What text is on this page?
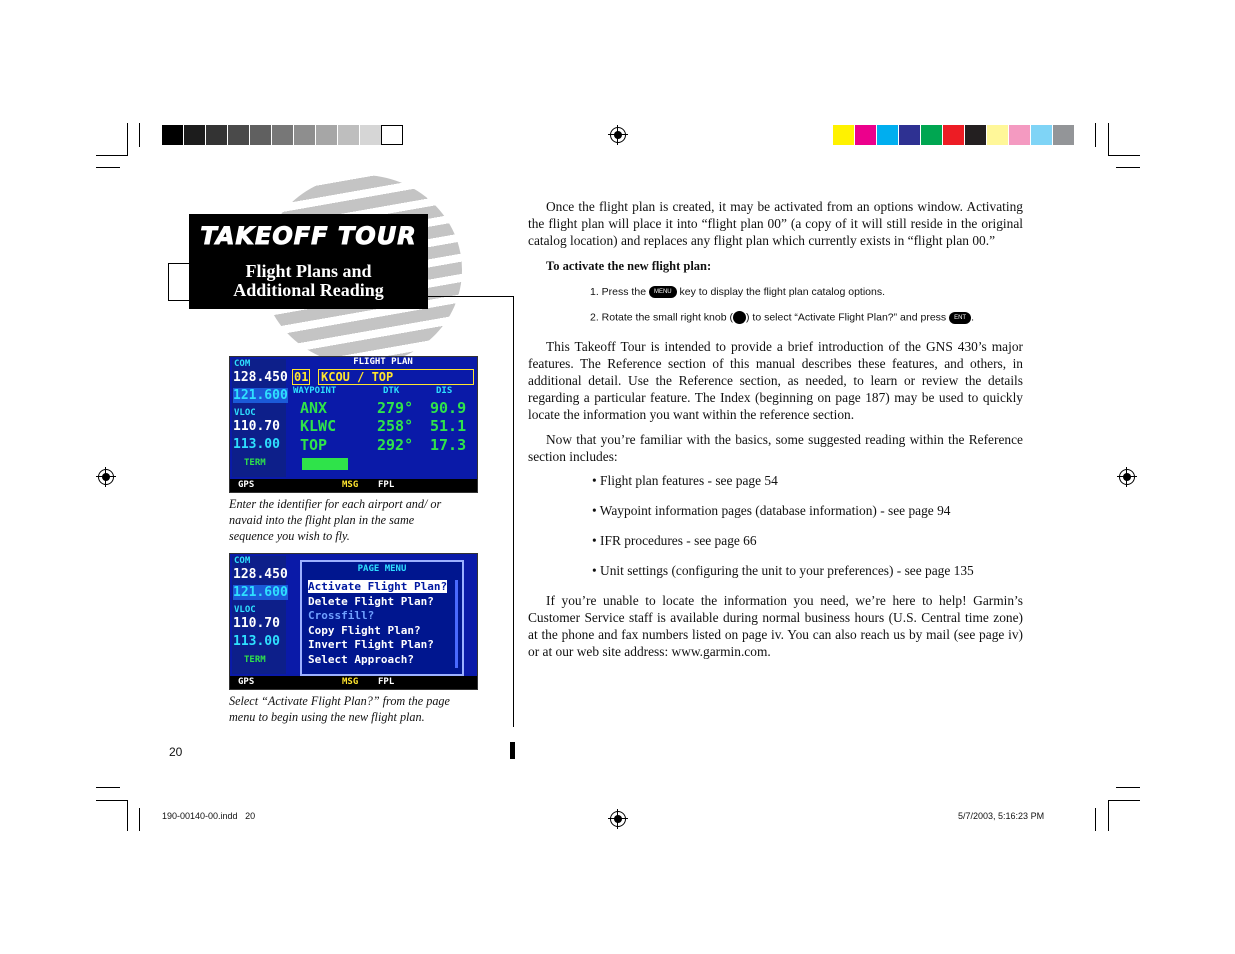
TAKEOFF TOUR
Flight Plans and
Additional Reading
COM
128.450
121.600
VLOC
110.70
113.00
TERM
FLIGHT PLAN
01 KCOU / TOP
WAYPOINT	DTK	DIS
ANX	279° 90.9
KLWC	258° 51.1
TOP	292° 17.3
GPS	MSG FPL
Enter the identifier for each airport and/ or navaid into the flight plan in the same sequence you wish to fly.
COM
128.450
121.600
VLOC
110.70
113.00
TERM
PAGE MENU
Activate Flight Plan?
Delete Flight Plan?
Crossfill?
Copy Flight Plan?
Invert Flight Plan?
Select Approach?
GPS	MSG FPL
Select “Activate Flight Plan?” from the page menu to begin using the new flight plan.
Once the flight plan is created, it may be activated from an options window. Activating the flight plan will place it into “flight plan 00” (a copy of it will still reside in the original catalog location) and replaces any flight plan which currently exists in “flight plan 00.”
To activate the new flight plan:
1. Press the MENU key to display the flight plan catalog options.
2. Rotate the small right knob ( ) to select “Activate Flight Plan?” and press ENT .
This Takeoff Tour is intended to provide a brief introduction of the GNS 430’s major features. The Reference section of this manual describes these features, and others, in additional detail. Use the Reference section, as needed, to learn or review the details regarding a particular feature. The Index (beginning on page 187) may be used to quickly locate the information you want within the reference section.
Now that you’re familiar with the basics, some suggested reading within the Reference section includes:
• Flight plan features - see page 54
• Waypoint information pages (database information) - see page 94
• IFR procedures - see page 66
• Unit settings (configuring the unit to your preferences) - see page 135
If you’re unable to locate the information you need, we’re here to help! Garmin’s Customer Service staff is available during normal business hours (U.S. Central time zone) at the phone and fax numbers listed on page iv. You can also reach us by mail (see page iv) or at our web site address: www.garmin.com.
20
190-00140-00.indd   20	5/7/2003, 5:16:23 PM
